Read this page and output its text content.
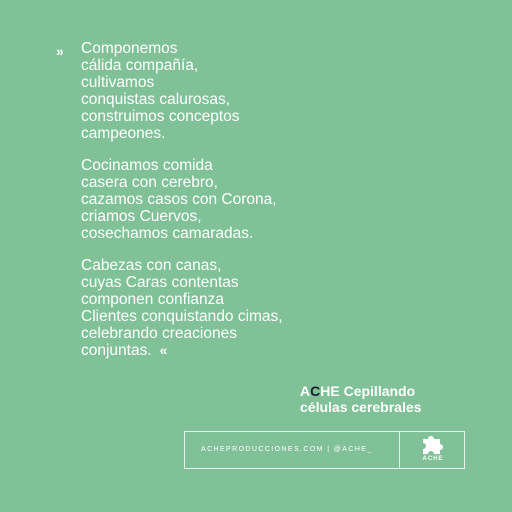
» Componemos
cálida compañía,
cultivamos
conquistas calurosas,
construimos conceptos
campeones.
Cocinamos comida
casera con cerebro,
cazamos casos con Corona,
criamos Cuervos,
cosechamos camaradas.
Cabezas con canas,
cuyas Caras contentas
componen confianza
Clientes conquistando cimas,
celebrando creaciones
conjuntas. «
ACHE Cepillando
células cerebrales
ACHEPRODUCCIONES.COM | @ACHE_
ACHE
